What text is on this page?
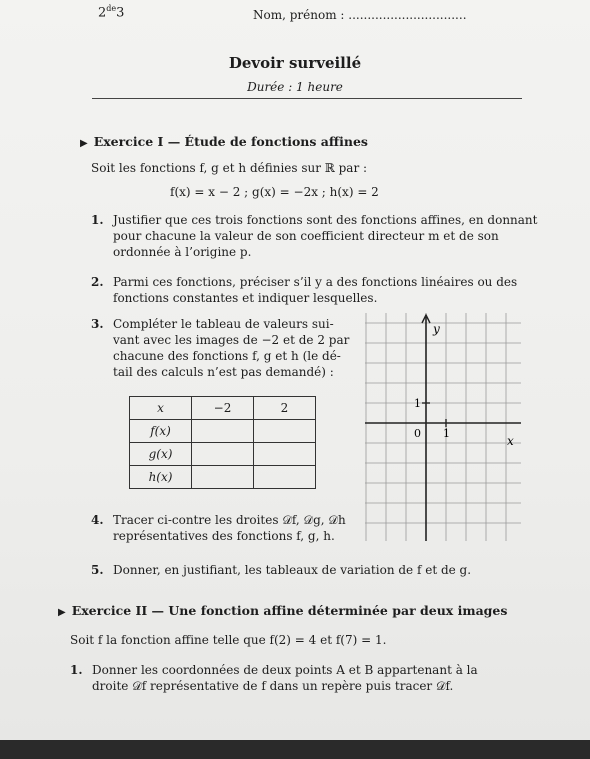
2de3	Nom, prénom : ...............................
Devoir surveillé
Durée : 1 heure
▶ Exercice I — Étude de fonctions affines
Soit les fonctions f, g et h définies sur ℝ par :
f(x) = x − 2 ; g(x) = −2x ; h(x) = 2
1. Justifier que ces trois fonctions sont des fonctions affines, en donnant
pour chacune la valeur de son coefficient directeur m et de son
ordonnée à l’origine p.
2. Parmi ces fonctions, préciser s’il y a des fonctions linéaires ou des
fonctions constantes et indiquer lesquelles.
3. Compléter le tableau de valeurs sui-
vant avec les images de −2 et de 2 par
chacune des fonctions f, g et h (le dé-
tail des calculs n’est pas demandé) :
x	−2	2
f(x)		
g(x)		
h(x)		
y
x
0 1
1
4. Tracer ci-contre les droites 𝒟f, 𝒟g, 𝒟h
représentatives des fonctions f, g, h.
5. Donner, en justifiant, les tableaux de variation de f et de g.
▶ Exercice II — Une fonction affine déterminée par deux images
Soit f la fonction affine telle que f(2) = 4 et f(7) = 1.
1. Donner les coordonnées de deux points A et B appartenant à la
droite 𝒟f représentative de f dans un repère puis tracer 𝒟f.
